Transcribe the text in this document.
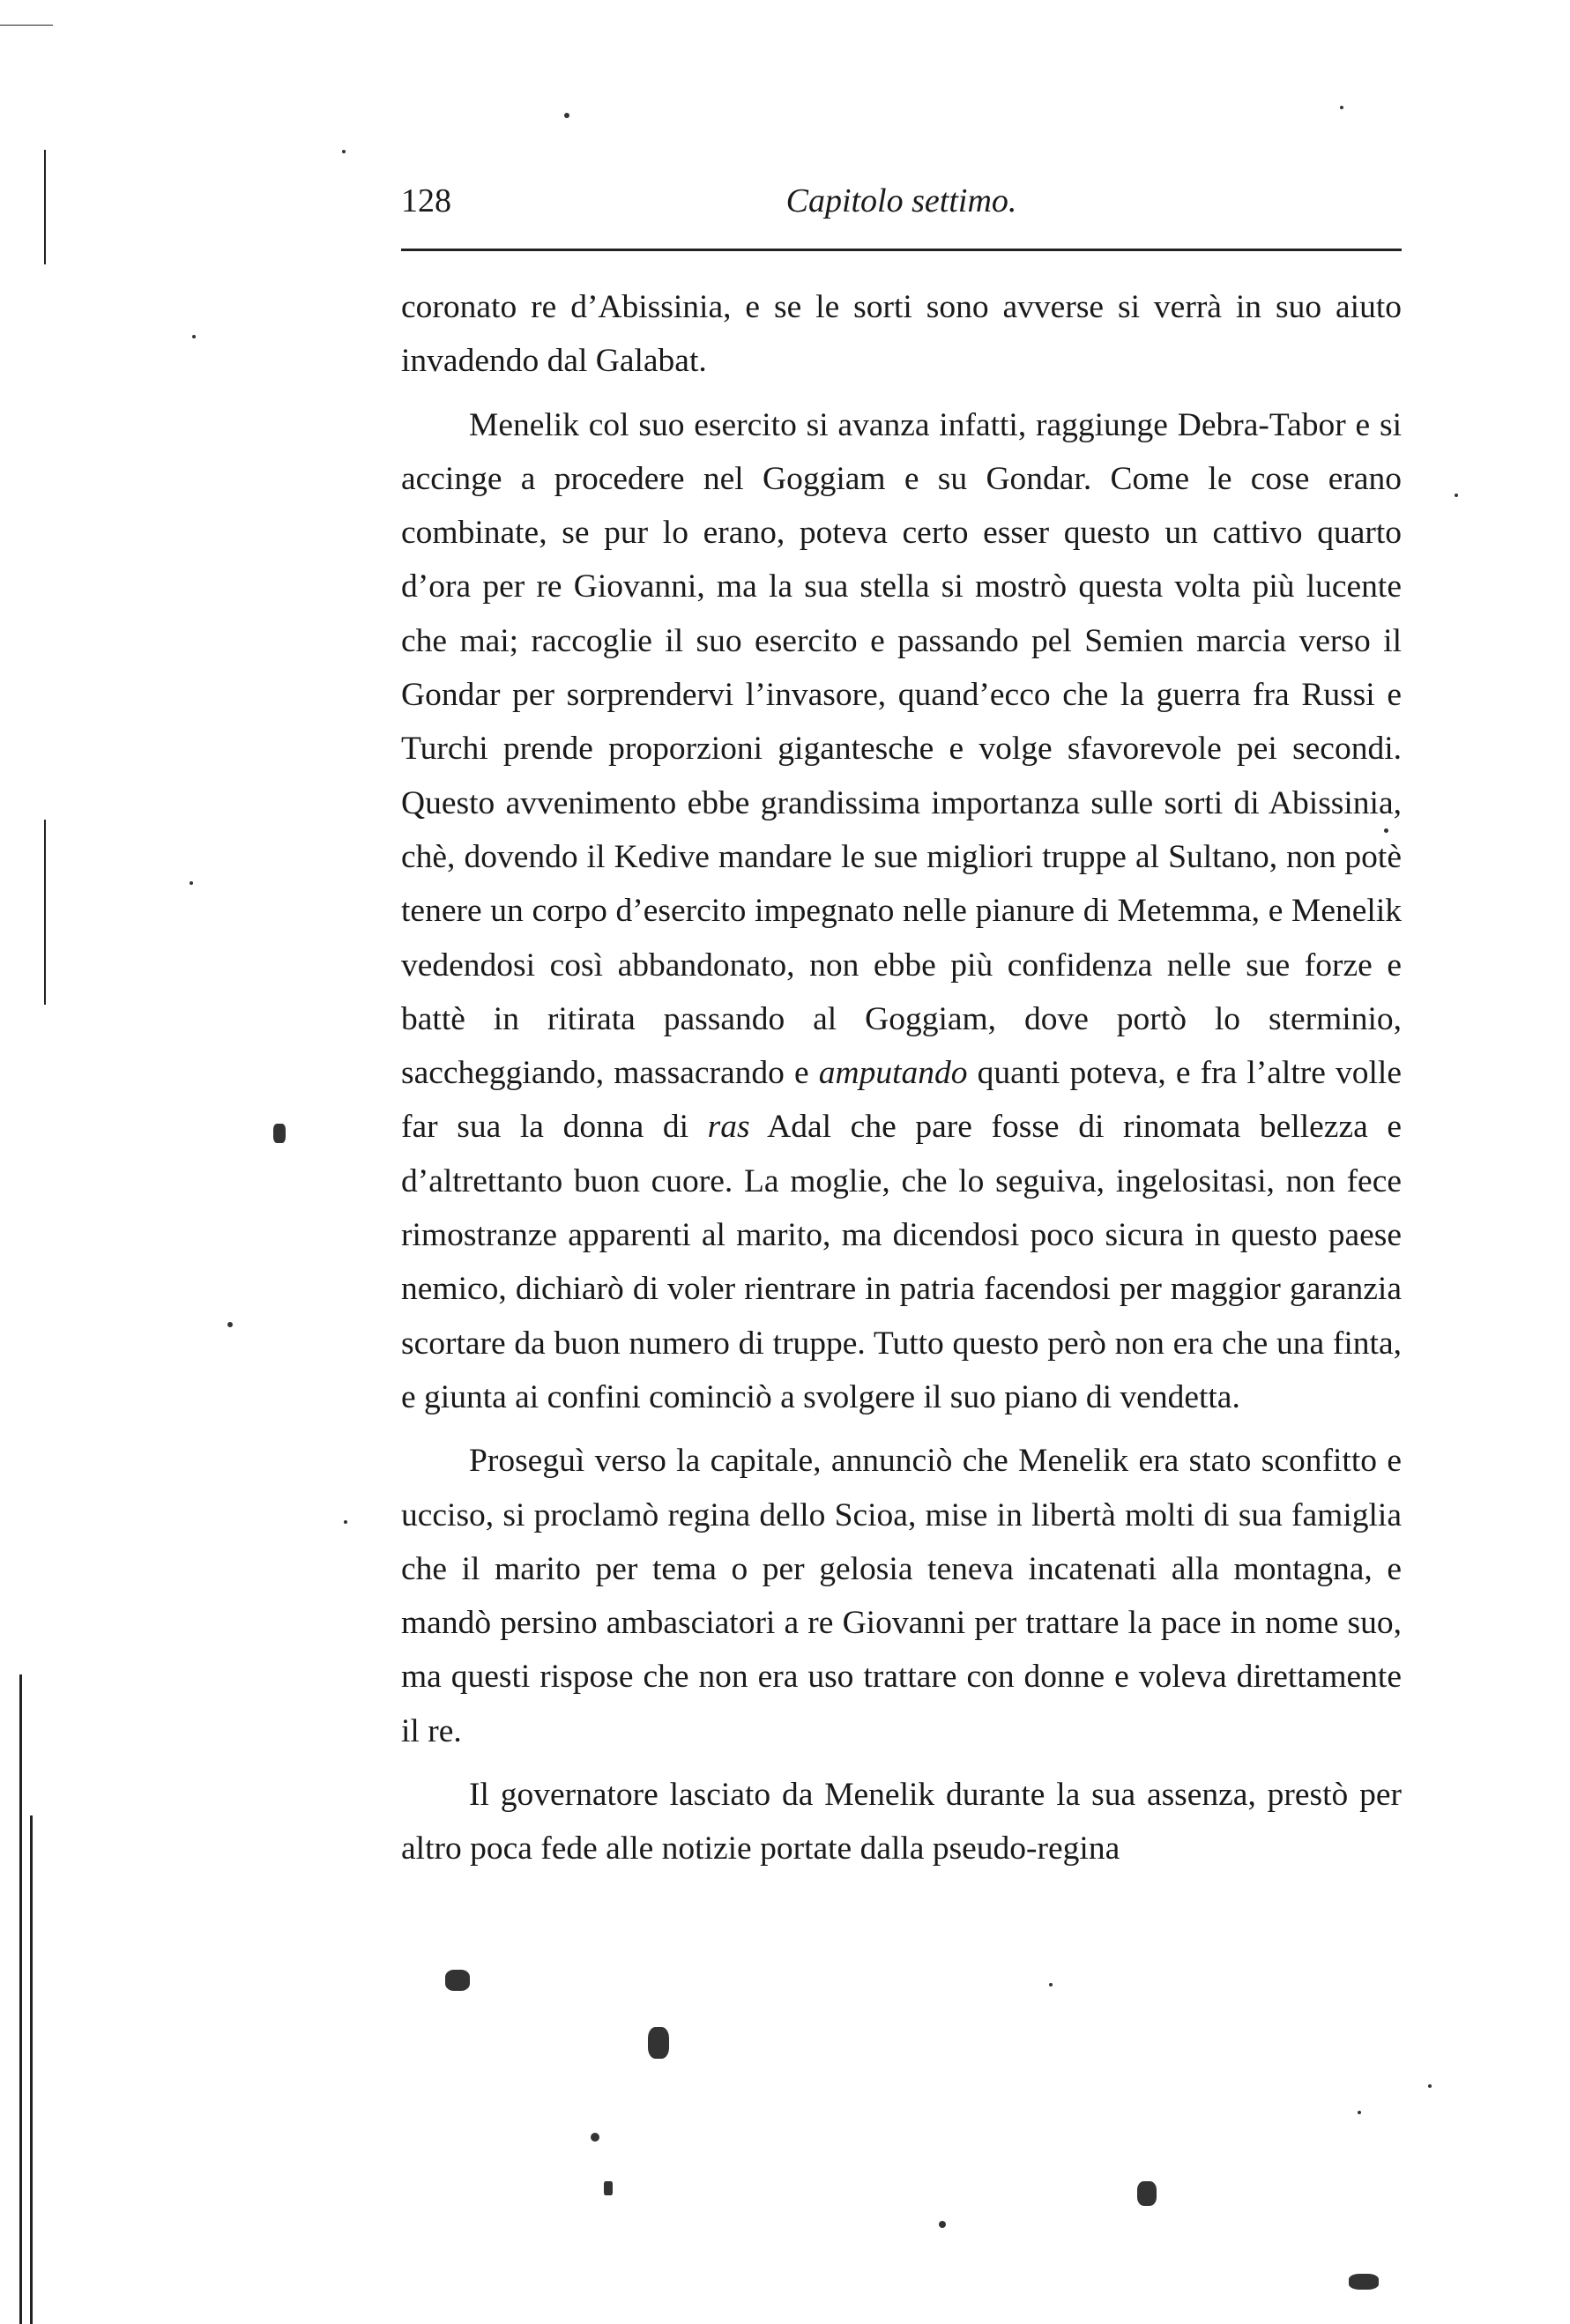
128	Capitolo settimo.

coronato re d’Abissinia, e se le sorti sono avverse si verrà in suo aiuto invadendo dal Galabat.

Menelik col suo esercito si avanza infatti, raggiunge Debra-Tabor e si accinge a procedere nel Goggiam e su Gondar. Come le cose erano combinate, se pur lo erano, poteva certo esser questo un cattivo quarto d’ora per re Giovanni, ma la sua stella si mostrò questa volta più lucente che mai; raccoglie il suo esercito e passando pel Semien marcia verso il Gondar per sorprendervi l’invasore, quand’ecco che la guerra fra Russi e Turchi prende proporzioni gigantesche e volge sfavorevole pei secondi. Questo avvenimento ebbe grandissima importanza sulle sorti di Abissinia, chè, dovendo il Kedive mandare le sue migliori truppe al Sultano, non potè tenere un corpo d’esercito impegnato nelle pianure di Metemma, e Menelik vedendosi così abbandonato, non ebbe più confidenza nelle sue forze e battè in ritirata passando al Goggiam, dove portò lo sterminio, saccheggiando, massacrando e amputando quanti poteva, e fra l’altre volle far sua la donna di ras Adal che pare fosse di rinomata bellezza e d’altrettanto buon cuore. La moglie, che lo seguiva, ingelositasi, non fece rimostranze apparenti al marito, ma dicendosi poco sicura in questo paese nemico, dichiarò di voler rientrare in patria facendosi per maggior garanzia scortare da buon numero di truppe. Tutto questo però non era che una finta, e giunta ai confini cominciò a svolgere il suo piano di vendetta.

Proseguì verso la capitale, annunciò che Menelik era stato sconfitto e ucciso, si proclamò regina dello Scioa, mise in libertà molti di sua famiglia che il marito per tema o per gelosia teneva incatenati alla montagna, e mandò persino ambasciatori a re Giovanni per trattare la pace in nome suo, ma questi rispose che non era uso trattare con donne e voleva direttamente il re.

Il governatore lasciato da Menelik durante la sua assenza, prestò per altro poca fede alle notizie portate dalla pseudo-regina
